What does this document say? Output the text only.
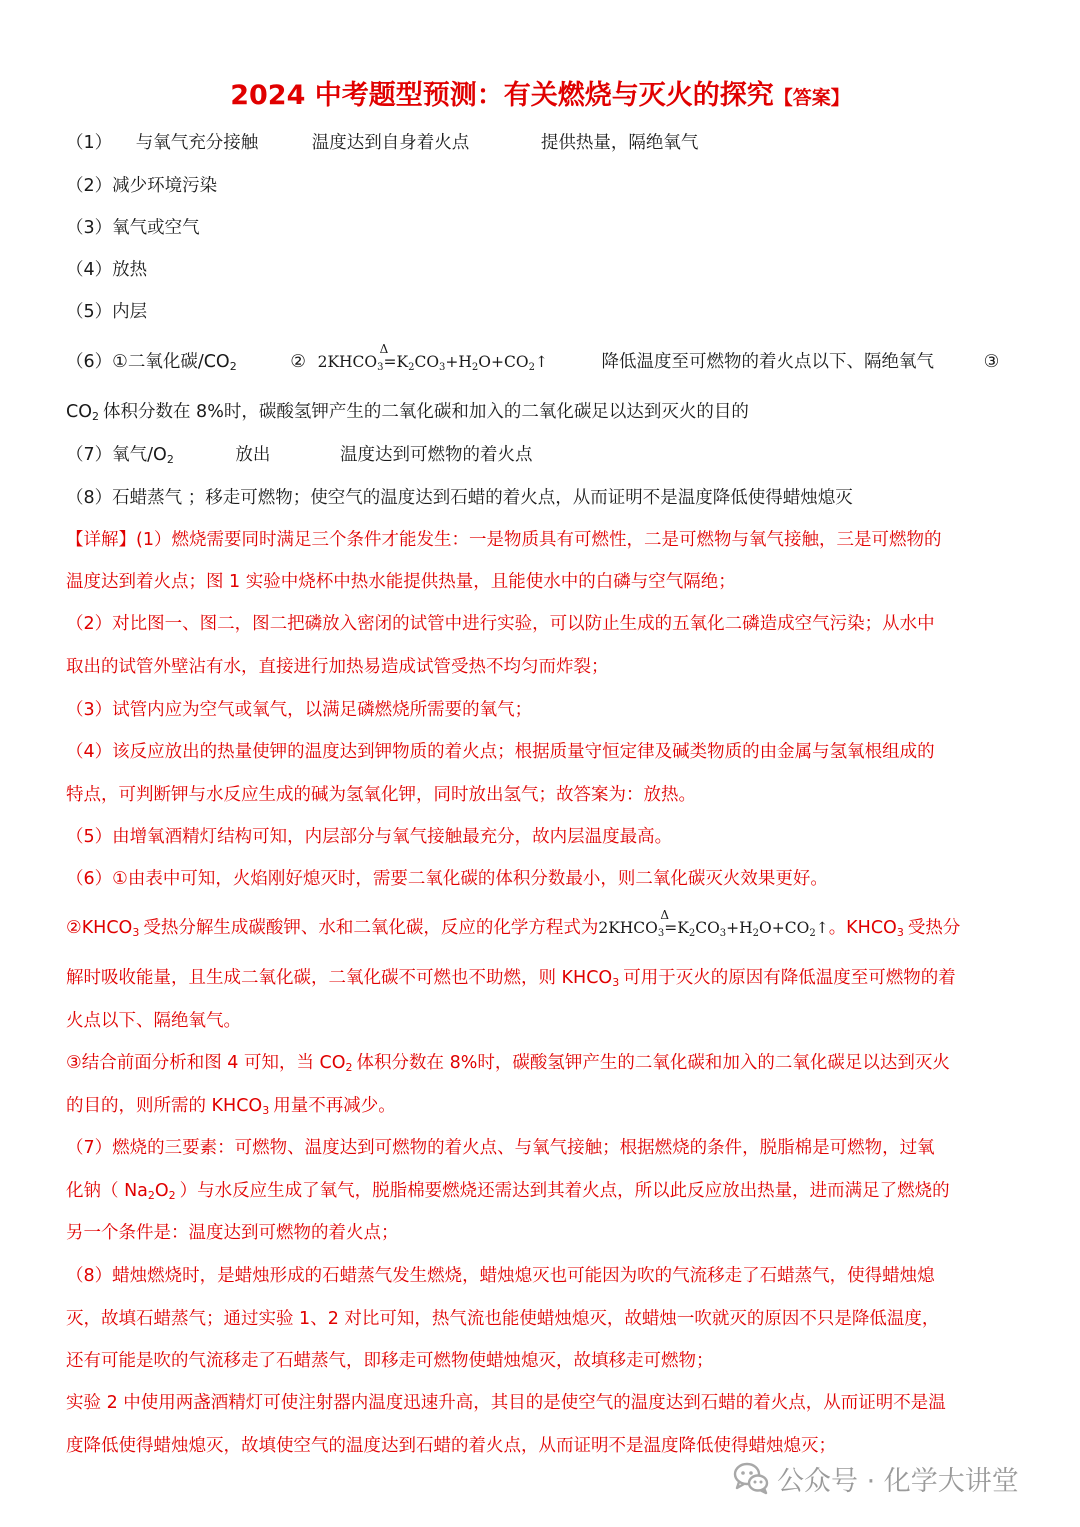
2024 中考题型预测：有关燃烧与灭火的探究【答案】
（1） 与氧气充分接触	温度达到自身着火点	提供热量，隔绝氧气
（2）减少环境污染
（3）氧气或空气
（4）放热
（5）内层
（6）①二氧化碳$/CO_2$	② $2KHCO_3$
Δ
$=K_2CO_3+H_2O+CO_2↑$	降低温度至可燃物的着火点以下、隔绝氧气	③
$CO_2$ 体积分数在 8%时，碳酸氢钾产生的二氧化碳和加入的二氧化碳足以达到灭火的目的
（7）氧气$/O_2$	放出	温度达到可燃物的着火点
（8）石蜡蒸气 ；移走可燃物；使空气的温度达到石蜡的着火点，从而证明不是温度降低使得蜡烛熄灭
【详解】(1）燃烧需要同时满足三个条件才能发生：一是物质具有可燃性，二是可燃物与氧气接触，三是可燃物的
温度达到着火点；图 1 实验中烧杯中热水能提供热量，且能使水中的白磷与空气隔绝；
（2）对比图一、图二，图二把磷放入密闭的试管中进行实验，可以防止生成的五氧化二磷造成空气污染；从水中
取出的试管外壁沾有水，直接进行加热易造成试管受热不均匀而炸裂；
（3）试管内应为空气或氧气，以满足磷燃烧所需要的氧气；
（4）该反应放出的热量使钾的温度达到钾物质的着火点；根据质量守恒定律及碱类物质的由金属与氢氧根组成的
特点，可判断钾与水反应生成的碱为氢氧化钾，同时放出氢气；故答案为：放热。
（5）由增氧酒精灯结构可知，内层部分与氧气接触最充分，故内层温度最高。
（6）①由表中可知，火焰刚好熄灭时，需要二氧化碳的体积分数最小，则二氧化碳灭火效果更好。
$②KHCO_3$ 受热分解生成碳酸钾、水和二氧化碳，反应的化学方程式为$2KHCO_3$
Δ
$=K_2CO_3+H_2O+CO_2↑$。$KHCO_3$ 受热分
解时吸收能量，且生成二氧化碳，二氧化碳不可燃也不助燃，则 $KHCO_3$ 可用于灭火的原因有降低温度至可燃物的着
火点以下、隔绝氧气。
③结合前面分析和图 4 可知，当 $CO_2$ 体积分数在 8%时，碳酸氢钾产生的二氧化碳和加入的二氧化碳足以达到灭火
的目的，则所需的 $KHCO_3$ 用量不再减少。
（7）燃烧的三要素：可燃物、温度达到可燃物的着火点、与氧气接触；根据燃烧的条件，脱脂棉是可燃物，过氧
化钠（ $Na_2O_2$ ）与水反应生成了氧气，脱脂棉要燃烧还需达到其着火点，所以此反应放出热量，进而满足了燃烧的
另一个条件是：温度达到可燃物的着火点；
（8）蜡烛燃烧时，是蜡烛形成的石蜡蒸气发生燃烧，蜡烛熄灭也可能因为吹的气流移走了石蜡蒸气，使得蜡烛熄
灭，故填石蜡蒸气；通过实验 1、2 对比可知，热气流也能使蜡烛熄灭，故蜡烛一吹就灭的原因不只是降低温度，
还有可能是吹的气流移走了石蜡蒸气，即移走可燃物使蜡烛熄灭，故填移走可燃物；
实验 2 中使用两盏酒精灯可使注射器内温度迅速升高，其目的是使空气的温度达到石蜡的着火点，从而证明不是温
度降低使得蜡烛熄灭，故填使空气的温度达到石蜡的着火点，从而证明不是温度降低使得蜡烛熄灭；
公众号 · 化学大讲堂
